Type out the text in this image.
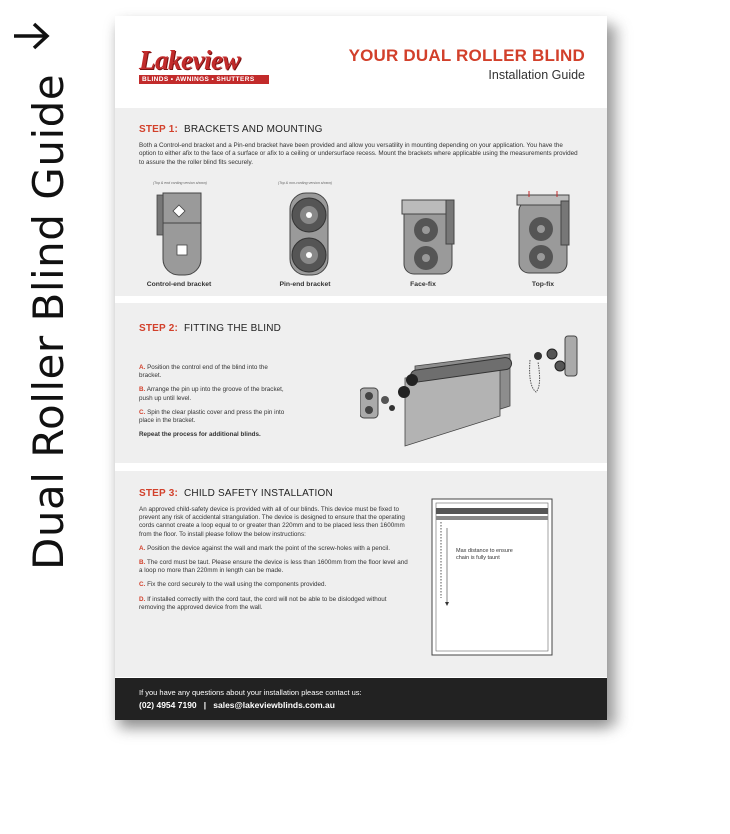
Dual Roller Blind Guide
Lakeview
BLINDS • AWNINGS • SHUTTERS
YOUR DUAL ROLLER BLIND
Installation Guide
STEP 1: BRACKETS AND MOUNTING
Both a Control-end bracket and a Pin-end bracket have been provided and allow you versatility in mounting depending on your application. You have the option to either afix to the face of a surface or afix to a ceiling or undersurface recess. Mount the brackets where applicable using the measurements provided to assure the the roller blind fits securely.
(Top & end cording version shown)	(Top & non-cording version shown)
Control-end bracket	Pin-end bracket	Face-fix	Top-fix
STEP 2: FITTING THE BLIND

A. Position the control end of the blind into the bracket.

B. Arrange the pin up into the groove of the bracket, push up until level.

C. Spin the clear plastic cover and press the pin into place in the bracket.

Repeat the process for additional blinds.

STEP 3: CHILD SAFETY INSTALLATION

An approved child-safety device is provided with all of our blinds. This device must be fixed to prevent any risk of accidental strangulation. The device is designed to ensure that the operating cords cannot create a loop equal to or greater than 220mm and to be placed less then 1600mm from the floor. To install please follow the below instructions:

A. Position the device against the wall and mark the point of the screw-holes with a pencil.

B. The cord must be taut. Please ensure the device is less than 1600mm from the floor level and a loop no more than 220mm in length can be made.

C. Fix the cord securely to the wall using the components provided.

D. If installed correctly with the cord taut, the cord will not be able to be dislodged without removing the approved device from the wall.

Max distance to ensure chain is fully taunt
If you have any questions about your installation please contact us:
(02) 4954 7190 | sales@lakeviewblinds.com.au
